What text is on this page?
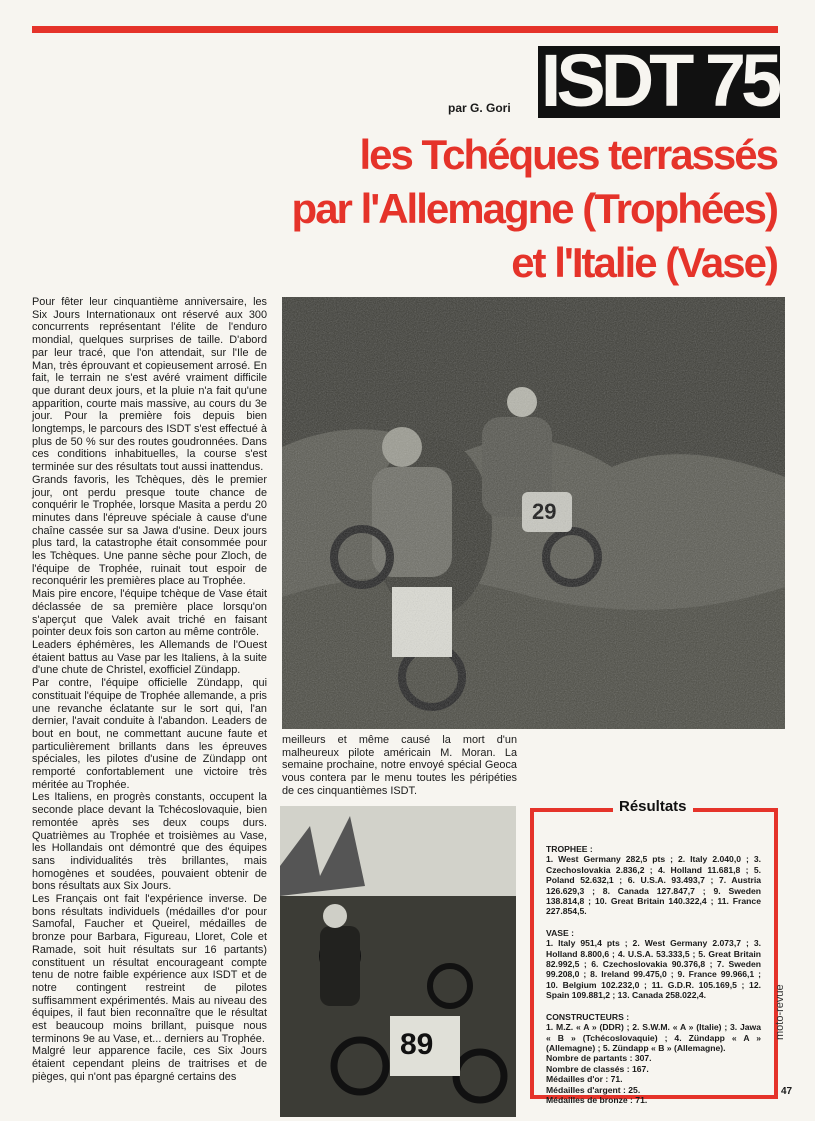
ISDT 75
par G. Gori
les Tchéques terrassés
par l'Allemagne (Trophées)
et l'Italie (Vase)

Pour fêter leur cinquantième anniversaire, les Six Jours Internationaux ont réservé aux 300 concurrents représentant l'élite de l'enduro mondial, quelques surprises de taille. D'abord par leur tracé, que l'on attendait, sur l'Ile de Man, très éprouvant et copieusement arrosé. En fait, le terrain ne s'est avéré vraiment difficile que durant deux jours, et la pluie n'a fait qu'une apparition, courte mais massive, au cours du 3e jour. Pour la première fois depuis bien longtemps, le parcours des ISDT s'est effectué à plus de 50 % sur des routes goudronnées. Dans ces conditions inhabituelles, la course s'est terminée sur des résultats tout aussi inattendus.

Grands favoris, les Tchèques, dès le premier jour, ont perdu presque toute chance de conquérir le Trophée, lorsque Masita a perdu 20 minutes dans l'épreuve spéciale à cause d'une chaîne cassée sur sa Jawa d'usine. Deux jours plus tard, la catastrophe était consommée pour les Tchèques. Une panne sèche pour Zloch, de l'équipe de Trophée, ruinait tout espoir de reconquérir les premières place au Trophée.

Mais pire encore, l'équipe tchèque de Vase était déclassée de sa première place lorsqu'on s'aperçut que Valek avait triché en faisant pointer deux fois son carton au même contrôle.

Leaders éphémères, les Allemands de l'Ouest étaient battus au Vase par les Italiens, à la suite d'une chute de Christel, exofficiel Zündapp.

Par contre, l'équipe officielle Zündapp, qui constituait l'équipe de Trophée allemande, a pris une revanche éclatante sur le sort qui, l'an dernier, l'avait conduite à l'abandon. Leaders de bout en bout, ne commettant aucune faute et particulièrement brillants dans les épreuves spéciales, les pilotes d'usine de Zündapp ont remporté confortablement une victoire très méritée au Trophée.

Les Italiens, en progrès constants, occupent la seconde place devant la Tchécoslovaquie, bien remontée après ses deux coups durs. Quatrièmes au Trophée et troisièmes au Vase, les Hollandais ont démontré que des équipes sans individualités très brillantes, mais homogènes et soudées, pouvaient obtenir de bons résultats aux Six Jours.

Les Français ont fait l'expérience inverse. De bons résultats individuels (médailles d'or pour Samofal, Faucher et Queirel, médailles de bronze pour Barbara, Figureau, Lloret, Cole et Ramade, soit huit résultats sur 16 partants) constituent un résultat encourageant compte tenu de notre faible expérience aux ISDT et de notre contingent restreint de pilotes suffisamment expérimentés. Mais au niveau des équipes, il faut bien reconnaître que le résultat est beaucoup moins brillant, puisque nous terminons 9e au Vase, et... derniers au Trophée.

Malgré leur apparence facile, ces Six Jours étaient cependant pleins de traitrises et de pièges, qui n'ont pas épargné certains des

meilleurs et même causé la mort d'un malheureux pilote américain M. Moran. La semaine prochaine, notre envoyé spécial Geoca vous contera par le menu toutes les péripéties de ces cinquantièmes ISDT.

89
Résultats
TROPHEE :
1. West Germany 282,5 pts ; 2. Italy 2.040,0 ; 3. Czechoslovakia 2.836,2 ; 4. Holland 11.681,8 ; 5. Poland 52.632,1 ; 6. U.S.A. 93.493,7 ; 7. Austria 126.629,3 ; 8. Canada 127.847,7 ; 9. Sweden 138.814,8 ; 10. Great Britain 140.322,4 ; 11. France 227.854,5.
VASE :
1. Italy 951,4 pts ; 2. West Germany 2.073,7 ; 3. Holland 8.800,6 ; 4. U.S.A. 53.333,5 ; 5. Great Britain 82.992,5 ; 6. Czechoslovakia 90.376,8 ; 7. Sweden 99.208,0 ; 8. Ireland 99.475,0 ; 9. France 99.966,1 ; 10. Belgium 102.232,0 ; 11. G.D.R. 105.169,5 ; 12. Spain 109.881,2 ; 13. Canada 258.022,4.
CONSTRUCTEURS :
1. M.Z. « A » (DDR) ; 2. S.W.M. « A » (Italie) ; 3. Jawa « B » (Tchécoslovaquie) ; 4. Zündapp « A » (Allemagne) ; 5. Zündapp « B » (Allemagne).
Nombre de partants : 307.
Nombre de classés : 167.
Médailles d'or : 71.
Médailles d'argent : 25.
Médailles de bronze : 71.
moto-revue
47
